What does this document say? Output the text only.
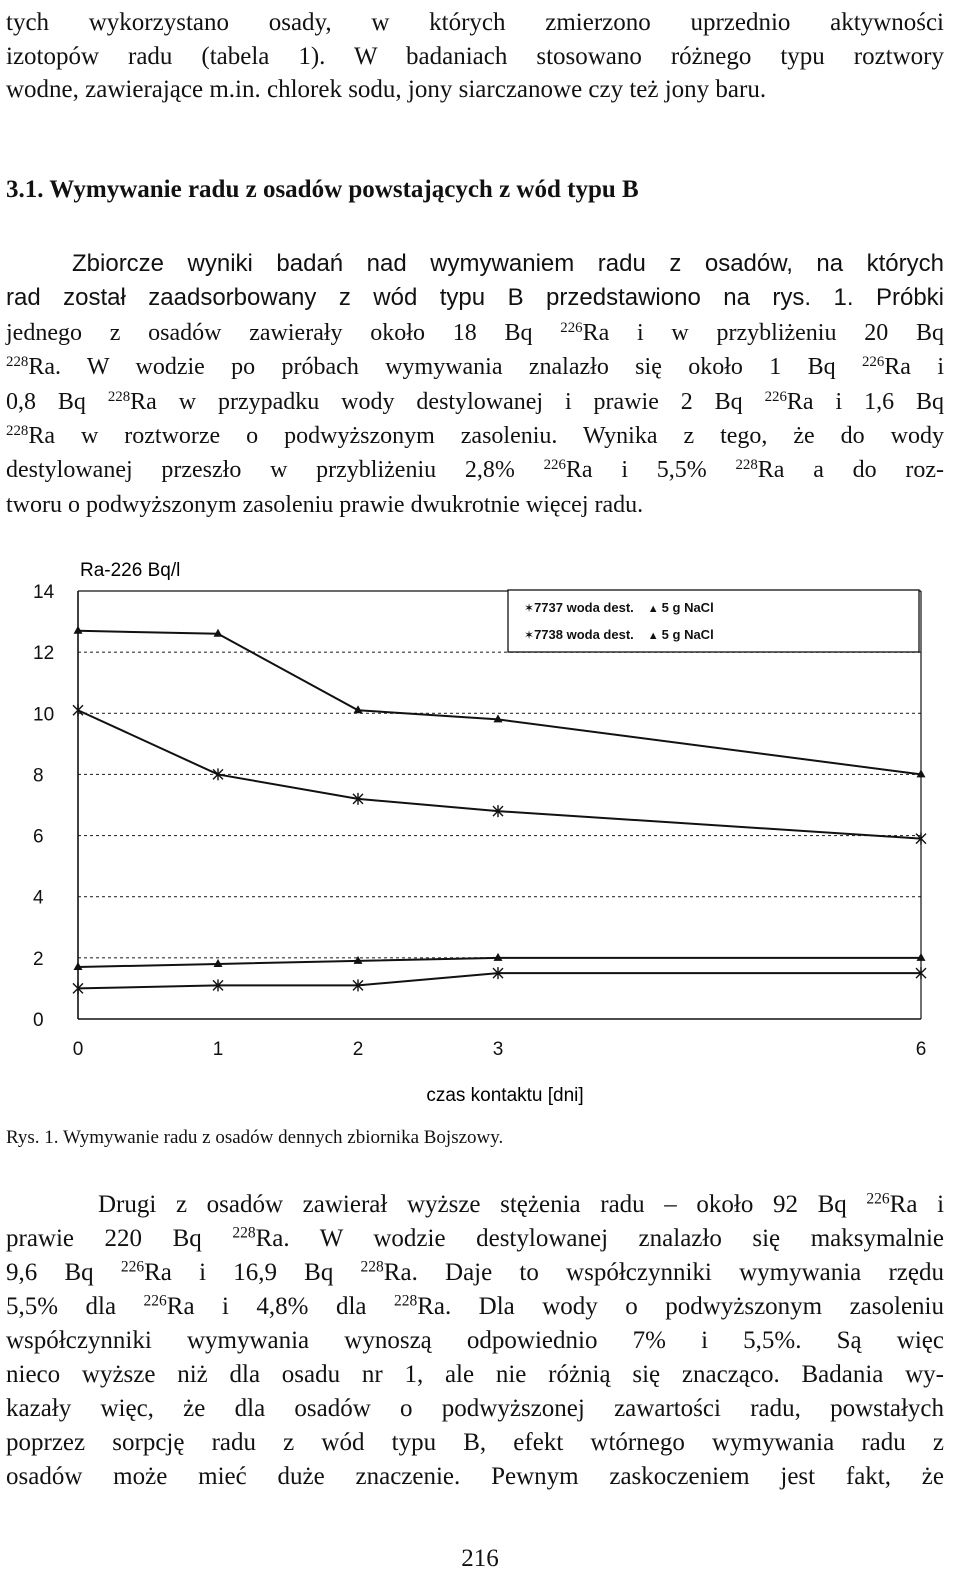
tych wykorzystano osady, w których zmierzono uprzednio aktywności
izotopów radu (tabela 1). W badaniach stosowano różnego typu roztwory
wodne, zawierające m.in. chlorek sodu, jony siarczanowe czy też jony baru.
3.1. Wymywanie radu z osadów powstających z wód typu B
Zbiorcze wyniki badań nad wymywaniem radu z osadów, na których
rad został zaadsorbowany z wód typu B przedstawiono na rys. 1. Próbki
jednego z osadów zawierały około 18 Bq $^{226}$Ra i w przybliżeniu 20 Bq
$^{228}$Ra. W wodzie po próbach wymywania znalazło się około 1 Bq $^{226}$Ra i
0,8 Bq $^{228}$Ra w przypadku wody destylowanej i prawie 2 Bq $^{226}$Ra i 1,6 Bq
$^{228}$Ra w roztworze o podwyższonym zasoleniu. Wynika z tego, że do wody
destylowanej przeszło w przybliżeniu 2,8% $^{226}$Ra i 5,5% $^{228}$Ra a do roz-
tworu o podwyższonym zasoleniu prawie dwukrotnie więcej radu.
Ra-226 Bq/l
0
2
4
6
8
10
12
14
0	1	2	3	6
✶7737 woda dest. ▲ 5 g NaCl
✶7738 woda dest. ▲ 5 g NaCl
czas kontaktu [dni]
Rys. 1. Wymywanie radu z osadów dennych zbiornika Bojszowy.
Drugi z osadów zawierał wyższe stężenia radu – około 92 Bq $^{226}$Ra i
prawie 220 Bq $^{228}$Ra. W wodzie destylowanej znalazło się maksymalnie
9,6 Bq $^{226}$Ra i 16,9 Bq $^{228}$Ra. Daje to współczynniki wymywania rzędu
5,5% dla $^{226}$Ra i 4,8% dla $^{228}$Ra. Dla wody o podwyższonym zasoleniu
współczynniki wymywania wynoszą odpowiednio 7% i 5,5%. Są więc
nieco wyższe niż dla osadu nr 1, ale nie różnią się znacząco. Badania wy-
kazały więc, że dla osadów o podwyższonej zawartości radu, powstałych
poprzez sorpcję radu z wód typu B, efekt wtórnego wymywania radu z
osadów może mieć duże znaczenie. Pewnym zaskoczeniem jest fakt, że
216
